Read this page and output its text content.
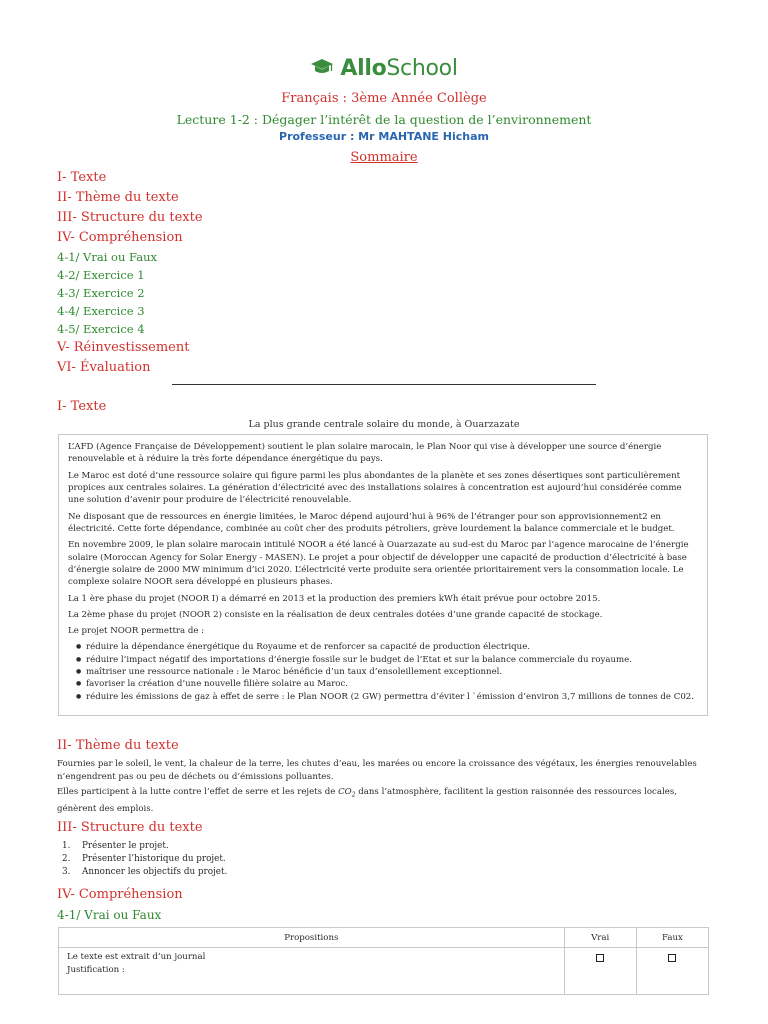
AlloSchool
Français : 3ème Année Collège
Lecture 1-2 : Dégager l’intérêt de la question de l’environnement
Professeur : Mr MAHTANE Hicham
Sommaire
I- Texte
II- Thème du texte
III- Structure du texte
IV- Compréhension
4-1/ Vrai ou Faux
4-2/ Exercice 1
4-3/ Exercice 2
4-4/ Exercice 3
4-5/ Exercice 4
V- Réinvestissement
VI- Évaluation
I- Texte
La plus grande centrale solaire du monde, à Ouarzazate

L’AFD (Agence Française de Développement) soutient le plan solaire marocain, le Plan Noor qui vise à développer une source d’énergie renouvelable et à réduire la très forte dépendance énergétique du pays.

Le Maroc est doté d’une ressource solaire qui figure parmi les plus abondantes de la planète et ses zones désertiques sont particulièrement propices aux centrales solaires. La génération d’électricité avec des installations solaires à concentration est aujourd’hui considérée comme une solution d’avenir pour produire de l’électricité renouvelable.

Ne disposant que de ressources en énergie limitées, le Maroc dépend aujourd’hui à 96% de l’étranger pour son approvisionnement2 en électricité. Cette forte dépendance, combinée au coût cher des produits pétroliers, grève lourdement la balance commerciale et le budget.

En novembre 2009, le plan solaire marocain intitulé NOOR a été lancé à Ouarzazate au sud-est du Maroc par l’agence marocaine de l’énergie solaire (Moroccan Agency for Solar Energy - MASEN). Le projet a pour objectif de développer une capacité de production d’électricité à base d’énergie solaire de 2000 MW minimum d’ici 2020. L’électricité verte produite sera orientée prioritairement vers la consommation locale. Le complexe solaire NOOR sera développé en plusieurs phases.

La 1 ère phase du projet (NOOR I) a démarré en 2013 et la production des premiers kWh était prévue pour octobre 2015.

La 2ème phase du projet (NOOR 2) consiste en la réalisation de deux centrales dotées d’une grande capacité de stockage.

Le projet NOOR permettra de :

● réduire la dépendance énergétique du Royaume et de renforcer sa capacité de production électrique.
● réduire l’impact négatif des importations d’énergie fossile sur le budget de l’Etat et sur la balance commerciale du royaume.
● maîtriser une ressource nationale : le Maroc bénéficie d’un taux d’ensoleillement exceptionnel.
● favoriser la création d’une nouvelle filière solaire au Maroc.
● réduire les émissions de gaz à effet de serre : le Plan NOOR (2 GW) permettra d’éviter l `émission d’environ 3,7 millions de tonnes de C02.
II- Thème du texte

Fournies par le soleil, le vent, la chaleur de la terre, les chutes d’eau, les marées ou encore la croissance des végétaux, les énergies renouvelables n’engendrent pas ou peu de déchets ou d’émissions polluantes.

Elles participent à la lutte contre l’effet de serre et les rejets de $CO_2$ dans l’atmosphère, facilitent la gestion raisonnée des ressources locales, génèrent des emplois.

III- Structure du texte
1. Présenter le projet.
2. Présenter l’historique du projet.
3. Annoncer les objectifs du projet.
IV- Compréhension
4-1/ Vrai ou Faux
Propositions	Vrai	Faux

Le texte est extrait d’un journal
Justification :		
